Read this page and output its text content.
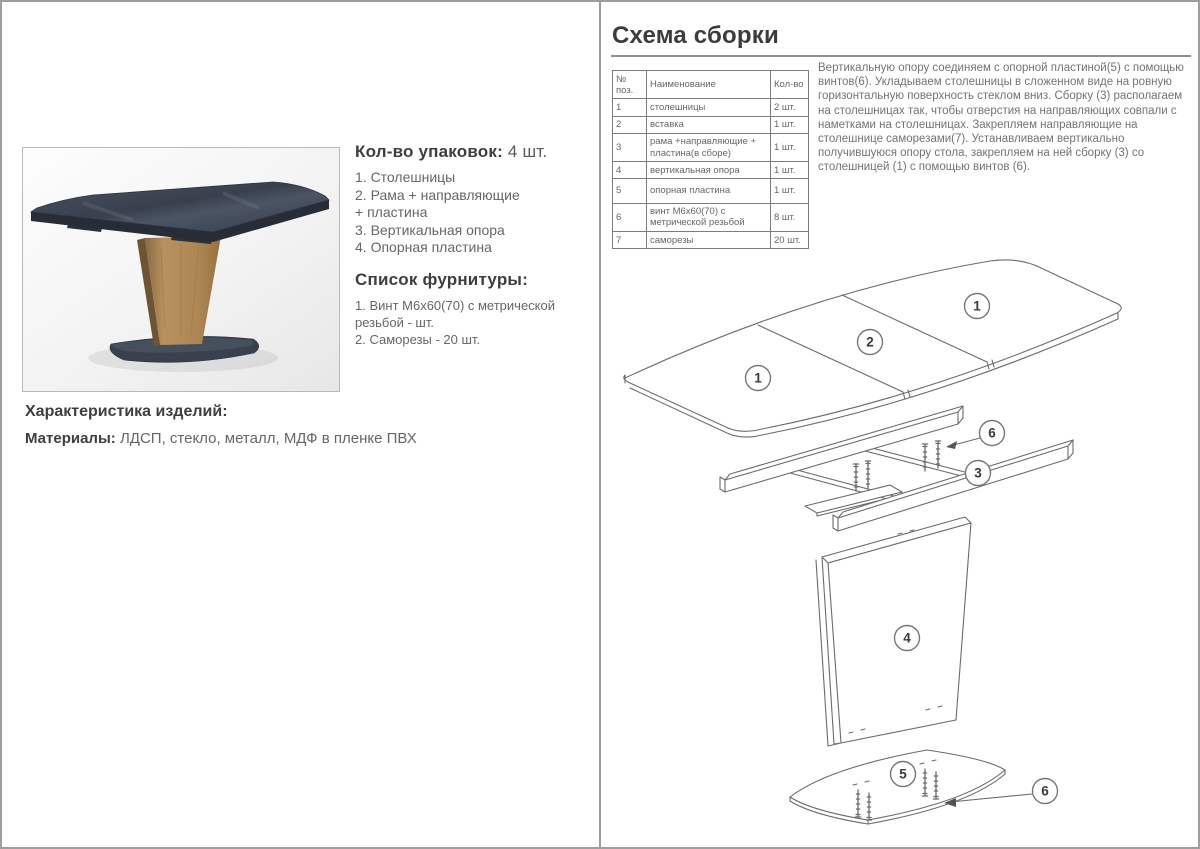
Кол-во упаковок: 4 шт.
1. Столешницы
2. Рама + направляющие
+ пластина
3. Вертикальная опора
4. Опорная пластина
Список фурнитуры:
1. Винт М6х60(70) с метрической
резьбой - шт.
2. Саморезы - 20 шт.
Характеристика изделий:
Материалы: ЛДСП, стекло, металл, МДФ в пленке ПВХ
Схема сборки
№ поз.	Наименование	Кол-во
1	столешницы	2 шт.
2	вставка	1 шт.
3	рама +направляющие + пластина(в сборе)	1 шт.
4	вертикальная опора	1 шт.
5	опорная пластина	1 шт.
6	винт М6х60(70) с метрической резьбой	8 шт.
7	саморезы	20 шт.
Вертикальную опору соединяем с опорной пластиной(5) с помощью винтов(6). Укладываем столешницы в сложенном виде на ровную горизонтальную поверхность стеклом вниз. Сборку (3) располагаем на столешницах так, чтобы отверстия на направляющих совпали с наметками на столешницах. Закрепляем направляющие на столешнице саморезами(7). Устанавливаем вертикально получившуюся опору стола, закрепляем на ней сборку (3) со столешницей (1) с помощью винтов (6).
1
2
1
6
3
4
5
6
